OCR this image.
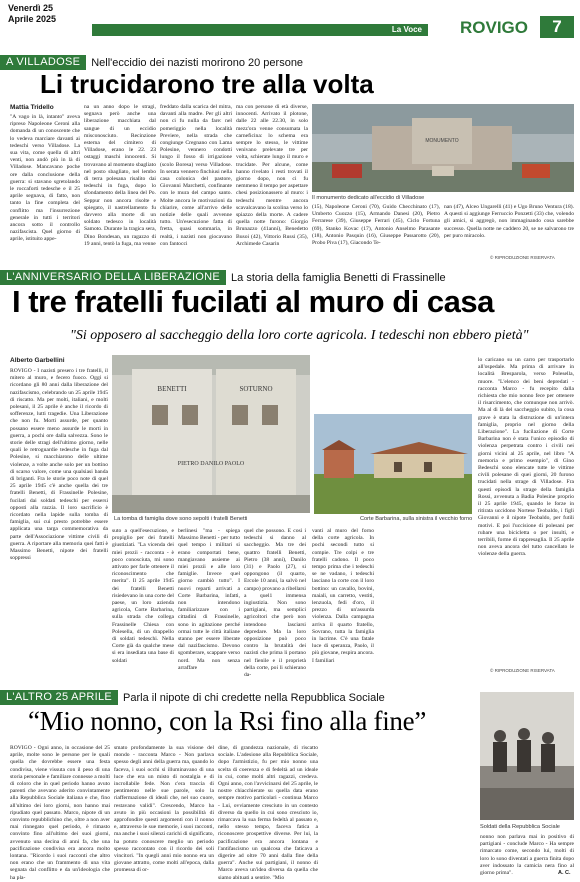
Venerdì 25
Aprile 2025
La Voce ROVIGO	7
A VILLADOSE	Nell'eccidio dei nazisti morirono 20 persone
Li trucidarono tre alla volta
Mattia Tridello
"A vago in là, intanto" aveva ripreso Napoleone Ceroni alla domanda di un conoscente che lo vedeva marciare davanti ai tedeschi verso Villadose. La sua vita, come quella di altri venti, non andò più in là di Villadose. Mancavano poche ore dalla conclusione della guerra: si stavano sgretolando le roccaforti tedesche e il 25 aprile segnava, di fatto, non tanto la fine completa del conflitto ma l'insurrezione generale in tutti i territori ancora sotto il controllo nazifascista. Quel giorno di aprile, istituito appe-
na un anno dopo le stragi, segnava però anche una liberazione macchiata dal sangue di un eccidio misconosciuto. Recinzione esterna del cimitero di Villadose, erano le 22. 23 ostaggi maschi innocenti. Si trovavano al momento sbagliato nel posto sbagliato, nel lembo di terra polesana risalito dai tedeschi in fuga, dopo lo sfondamento della linea del Po. Seppur non ancora risolte e spiegato, il nastrellamento fu davvero alla morte di un soldato tedesco in località Samoto. Durante la tragica sera, Dino Bondesan, un ragazzo di 19 anni, tentò la fuga, ma venne
freddato dalla scarica del mitra, davanti alla madre. Per gli altri non ci fu nulla da fare: nel pomeriggio nella località Previere, nella strada che congiunge Cregnano con Lama Polesine, vennero condotti lungo il fosso di irrigazione (scolo Boresa) verso Villadose. In serata vennero finchiusi nella casa colonica del pastore, Giovanni Marchetti, confinante con le mura del campo santo. Molte ancora le motivazioni da chiarire, come all'arrivo delle notizie delle quali avvenne tutto. Un'esecuzione fatta di fretta, quasi sommaria, in realtà, i nazisti non giocavano con fantocci
ma con persone di età diverse, innocenti. Arrivato il plotone, dalle 22 alle 22.30, in solo mezz'ora venne consumata la carneficina: lo schema era sempre lo stesso, le vittime venivano prelevate tre per volta, schierate lungo il muro e trucidate. Per alcune, come hanno rivelato i resti trovati il giorno dopo, non ci fu nemmeno il tempo per aspettare chesi posizionassero al muro: i tedeschi mentre ancora scavalcavano la scolina verso lo spiazzo della morte. A cadere quella notte furono: Giorgio Brunazzo (41anni), Benedetto Busoi (42), Vittorio Russi (35), Archimede Casarin
MONUMENTO
Il monumento dedicato all'eccidio di Villadose
(15), Napoleone Ceroni (70), Guido Checchinato (17), Umberto Cuozzo (15), Armando Danesi (20), Pietro Ferrarese (39), Giuseppe Ferrari (45), Ciclo Fortuna (69), Stanko Kovac (17), Antonio Anselmo Parasante (18), Antonio Pasquin (16), Giuseppe Passarotto (20), Probo Piva (17), Giacondo Te-
nan (47), Alceo Ungarelli (41) e Ugo Bruno Ventura (18). A questi si aggiunge Ferruccio Ponzetti (33) che, volendo gli amici, si aggregò, non immaginando cosa sarebbe successo. Quella notte ne caddero 20, se ne salvarono tre per puro miracolo.
© RIPRODUZIONE RISERVATA
L'ANNIVERSARIO DELLA LIBERAZIONE	La storia della famiglia Benetti di Frassinelle
I tre fratelli fucilati al muro di casa
"Si opposero al saccheggio della loro corte agricola. I tedeschi non ebbero pietà"
Alberto Garbellini
ROVIGO - I nazisti presero i tre fratelli, il mitero al muro, e fecero fuoco. Oggi si ricordano gli 80 anni dalla liberazione del nazifascismo, celebrando un 25 aprile 1945 di riscatto. Ma per molti, italiani, e molti polesani, il 25 aprile è anche il ricordo di sofferenze, lutti tragedie. Una Liberazione che non fu. Morti assurde, per quanto possano essere meno assurde le morti in guerra, a pochi ore dalla salvezza. Sono le storie delle stragi dell'ultimo giorno, nelle quali le retroguardie tedesche in fuga dal Polesine, si macchiarono delle ultime violenze, a volte anche solo per un bottino di scarso valore, come una qualsiasi banda di briganti. Fra le storie poco note di quel 25 aprile 1945 c'è anche quella dei tre fratelli Benetti, di Frassinelle Polesine, fucilati dai soldati tedeschi per essersi opposti alla razzia. Il loro sacrificio è ricordato nella lapide sulla tomba di famiglia, sui cui presto potrebbe essere applicata una targa commemorativa da parte dell'Associazione vittime civili di guerra. A riportare alla memoria quei fatti è Massimo Benetti, nipote dei fratelli soppressi
BENETTI	SOTURNO
PIETRO DANILO PAOLO
La tomba di famiglia dove sono sepolti i fratelli Benetti	Corte Barbarina, sulla sinistra il vecchio forno
suto a quell'esecuzione, e propiglio per dei fratelli giustiziati. "La vicenda dei miei prozii - racconta - è poco conosciuta, mi sono attivato per farle ottenere il riconoscimento che merita". Il 25 aprile 1945 dei fratelli Benetti risiedevano in una corte del paese, un loro azienda agricola, Corte Barbarina, sulla strada che collega Frassinelle Chiesa con Polesella, di un drappello di soldati tedeschi. Nella Corte già da qualche mese si era insediata una base di soldati
berlinesi "ma - spiega Massimo Benetti - per tutto quel tempo i militari si erano comportati bene, mangiavano assieme ai miei prozii e alle loro famiglie. Invece quel giorno cambiò tutto". I nuovi reparti arrivati a Corte Barbarina, infatti, non intendono familiarizzare con i cittadini di Frassinelle, sono in agitazione perché ormai tutte le città italiane stanno per essere liberate dal nazifascismo. Devono sgomberare, scappare verso nord. Ma non senza arraffare
quel che possono. E così i tedeschi si danno al saccheggio. Ma tre dei quattro fratelli Benetti, Pietro (38 anni), Danilo (31) e Paolo (27), si oppongono (il quarto, Ercole 10 anni, la salvò nel campo) provano a ribellarsi a quel1 immensa ingiustizia. Non sono partigiani, ma semplici agricoltori che però non intendono lasciarsi depredare. Ma la loro opposizione può poco contro la brutalità dei nazisti che prima li portano nel fienile e il proprietà della corte, poi li schierano da-
vanti al muro del forno della corte agricola. In pochi secondi tutto si compie. Tre colpi e tre fratelli cadono. Il poco tempo prima che i tedeschi se ne vadano, i tedeschi lasciano la corte con il loro bottino: un cavallo, bovini, maiali, un carretto, vestiti, lenzuola, fedi d'oro, il prezzo di un'assurda violenza. Dalla campagna arriva il quarto fratello, Sovrano, tutta la famiglia in lacrime. C'è una fatale luce di speranza, Paolo, il più giovane, respira ancora. I familiari
lo caricano su un carro per trasportarlo all'ospedale. Ma prima di arrivare in località Bresparola, verso Polesella, muore. "L'elenco dei beni depredati - racconta Marco - fu recepito dalla richiesta che mio nonno fece per ottenere il risarcimento, che comunque non arrivò. Ma al di là del saccheggio subito, la cosa grave è stata la distruzione di un'intera famiglia, proprio nel giorno della Liberazione". La fucilazione di Corte Barbarina non è stata l'unico episodio di violenza perpetrata contro i civili nei giorni vicini al 25 aprile, nel libro "A memoria e primo esempio", di Gino Bedeschi sono elencate tutte le vittime civili polesane di quei giorni, 20 furono trucidati nella strage di Villadose. Fra questi episodi la strage della famiglia Rossi, avvenuta a Badia Polesine proprio il 25 aprile 1945, quando le forze in ritirata uccidono Nortese Teobaldo, i figli Giovanni e il nipote Teobaldo, per futili motivi. E poi l'uccisione di polesani per rubare una bicicletta o per insulti, e terribili, forme di rappresaglia. Il 25 aprile non aveva ancora del tutto cancellato le violenze della guerra.
© RIPRODUZIONE RISERVATA
L'ALTRO 25 APRILE	Parla il nipote di chi credette nella Repubblica Sociale
“Mio nonno, con la Rsi fino alla fine”
ROVIGO - Ogni anno, in occasione del 25 aprile, molte sono le persone per le quali quella che dovrebbe essere una festa condivisa, viene vissuta con il peso di una storia personale e familiare connesse a molti di coloro che in quel periodo hanno avuto parenti che avevano aderito convintamente alla Repubblica Sociale italiana e che, fino all'ultimo dei loro giorni, non hanno mai ripudiato quel passato. Marco, nipote di un convinto repubblichino che, oltre a non aver mai rinnegato quel periodo, è rimasto convinto fino all'ultimo dei suoi giorni, avvenuto una decina di anni fa, che una pacificazione condivisa era ancora molto lontana. "Ricordo i suoi racconti che altro non erano che un frammento di una vita segnata dal conflitto e da un'ideologia che ha pla-
smato profondamente la sua visione del mondo - racconta Marco - Non parlava spesso degli anni della guerra ma, quando lo faceva, i suoi occhi si illuminavano di una luce che era un misto di nostalgia e di incrollabile fede. Non c'era traccia di pentimento nelle sue parole, solo la riaffermazione di ideali che, nel suo cuore, restavano validi". Crescendo, Marco ha avuto in più occasioni la possibilità di approfondire questi argomenti con il nonno e, attraverso le sue memorie, i suoi racconti, ma anche i suoi silenzi carichi di significato, ha potuto conoscere meglio un periodo spesso raccontato con il ricordo dei soli vincitori. "In quegli anni mio nonno era un giovane attratto, come molti all'epoca, dalla promessa di or-
dine, di grandezza nazionale, di riscatto sociale. L'adesione alla Repubblica Sociale, dopo l'armistizio, fu per mio nonno una scelta di coerenza e di fedeltà ad un ideale in cui, come molti altri ragazzi, credeva. Ogni anno, con l'avvicinarsi del 25 aprile, le nostre chiacchierate su quella data erano sempre motivo particolari - continua Marco - Lui, ovviamente cresciuto in un contesto diverso da quello in cui sono cresciuto io, rimarcava la sua ferma fedeltà al passato e, nello stesso tempo, faceva fatica a riconoscere prospettive diverse. Per lui, la pacificazione era ancora lontana e l'antifascismo un qualcosa che faticava a digerire ad oltre 70 anni dalla fine della guerra". Anche sui partigiani, il nonno di Marco aveva un'idea diversa da quella che siamo abituati a sentire. "Mio
Soldati della Repubblica Sociale
nonno non parlava mai in positivo di partigiani - conclude Marco - Ha sempre rimarcato come, secondo lui, molti di loro lo sono diventati a guerra finita dopo aver indossato la camicia nera fino al giorno prima".	A. C.
